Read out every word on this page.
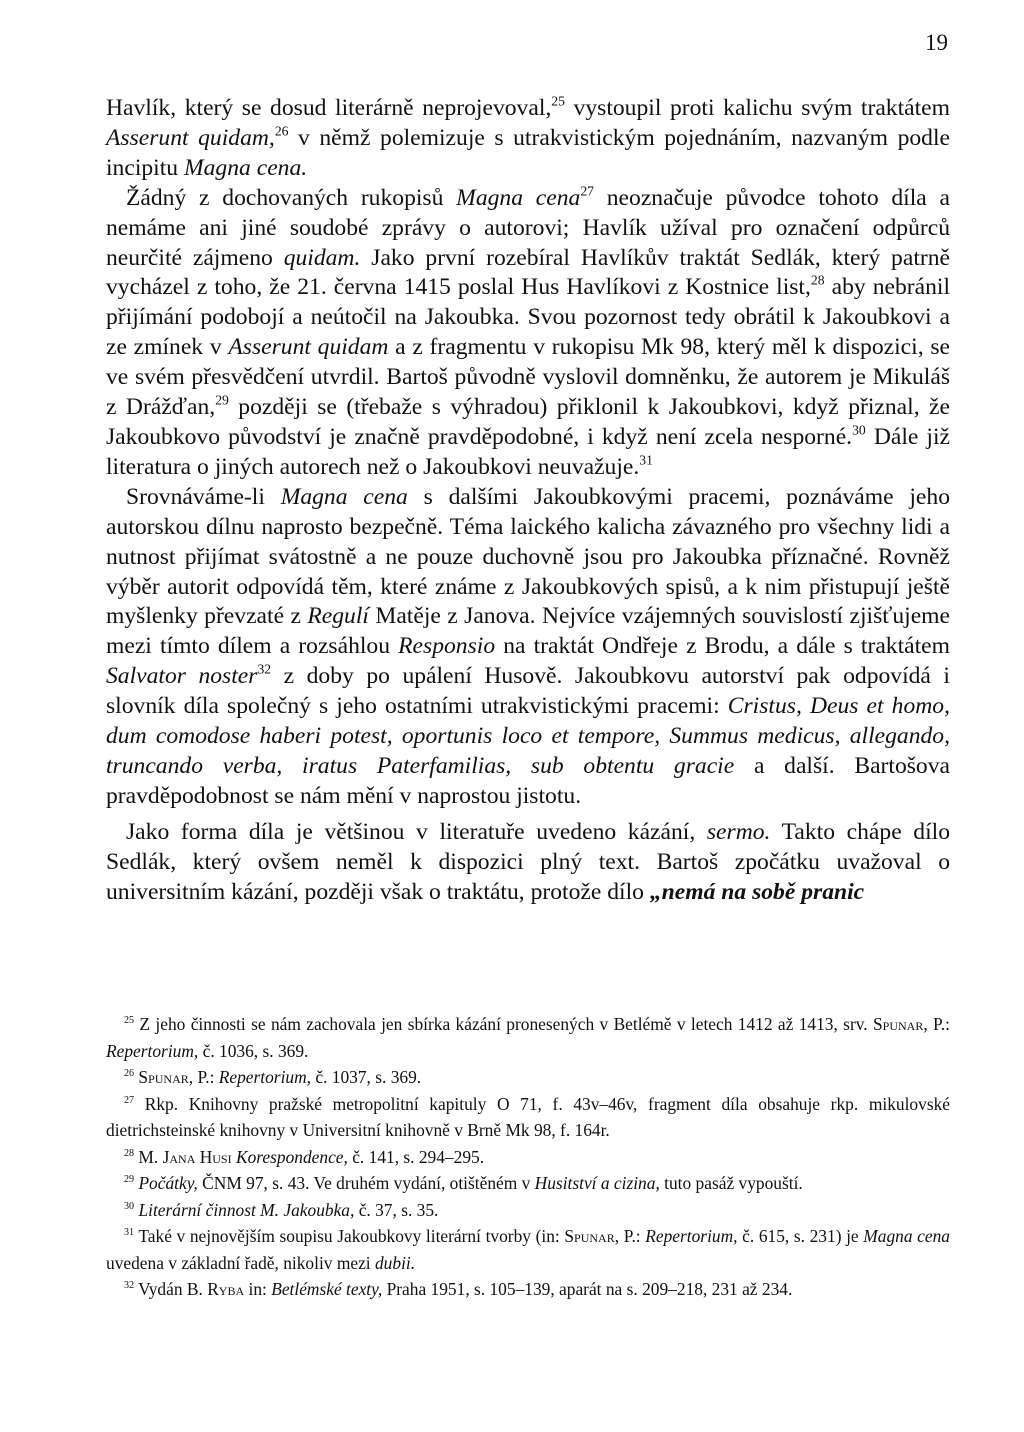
19

Havlík, který se dosud literárně neprojevoval,$^{25}$ vystoupil proti kalichu svým traktátem Asserunt quidam,$^{26}$ v němž polemizuje s utrakvistickým pojednáním, nazvaným podle incipitu Magna cena.

Žádný z dochovaných rukopisů Magna cena$^{27}$ neoznačuje původce tohoto díla a nemáme ani jiné soudobé zprávy o autorovi; Havlík užíval pro označení odpůrců neurčité zájmeno quidam. Jako první rozebíral Havlíkův traktát Sedlák, který patrně vycházel z toho, že 21. června 1415 poslal Hus Havlíkovi z Kostnice list,$^{28}$ aby nebránil přijímání podobojí a neútočil na Jakoubka. Svou pozornost tedy obrátil k Jakoubkovi a ze zmínek v Asserunt quidam a z fragmentu v rukopisu Mk 98, který měl k dispozici, se ve svém přesvědčení utvrdil. Bartoš původně vyslovil domněnku, že autorem je Mikuláš z Drážďan,$^{29}$ později se (třebaže s výhradou) přiklonil k Jakoubkovi, když přiznal, že Jakoubkovo původství je značně pravděpodobné, i když není zcela nesporné.$^{30}$ Dále již literatura o jiných autorech než o Jakoubkovi neuvažuje.$^{31}$

Srovnáváme-li Magna cena s dalšími Jakoubkovými pracemi, poznáváme jeho autorskou dílnu naprosto bezpečně. Téma laického kalicha závazného pro všechny lidi a nutnost přijímat svátostně a ne pouze duchovně jsou pro Jakoubka příznačné. Rovněž výběr autorit odpovídá těm, které známe z Jakoubkových spisů, a k nim přistupují ještě myšlenky převzaté z Regulí Matěje z Janova. Nejvíce vzájemných souvislostí zjišťujeme mezi tímto dílem a rozsáhlou Responsio na traktát Ondřeje z Brodu, a dále s traktátem Salvator noster$^{32}$ z doby po upálení Husově. Jakoubkovu autorství pak odpovídá i slovník díla společný s jeho ostatními utrakvistickými pracemi: Cristus, Deus et homo, dum comodose haberi potest, oportunis loco et tempore, Summus medicus, allegando, truncando verba, iratus Paterfamilias, sub obtentu gracie a další. Bartošova pravděpodobnost se nám mění v naprostou jistotu.

Jako forma díla je většinou v literatuře uvedeno kázání, sermo. Takto chápe dílo Sedlák, který ovšem neměl k dispozici plný text. Bartoš zpočátku uvažoval o universitním kázání, později však o traktátu, protože dílo „nemá na sobě pranic

$^{25}$ Z jeho činnosti se nám zachovala jen sbírka kázání pronesených v Betlémě v letech 1412 až 1413, srv. Spunar, P.: Repertorium, č. 1036, s. 369.

$^{26}$ Spunar, P.: Repertorium, č. 1037, s. 369.

$^{27}$ Rkp. Knihovny pražské metropolitní kapituly O 71, f. 43v–46v, fragment díla obsahuje rkp. mikulovské dietrichsteinské knihovny v Universitní knihovně v Brně Mk 98, f. 164r.

$^{28}$ M. Jana Husi Korespondence, č. 141, s. 294–295.

$^{29}$ Počátky, ČNM 97, s. 43. Ve druhém vydání, otištěném v Husitství a cizina, tuto pasáž vypouští.

$^{30}$ Literární činnost M. Jakoubka, č. 37, s. 35.

$^{31}$ Také v nejnovějším soupisu Jakoubkovy literární tvorby (in: Spunar, P.: Repertorium, č. 615, s. 231) je Magna cena uvedena v základní řadě, nikoliv mezi dubii.

$^{32}$ Vydán B. Ryba in: Betlémské texty, Praha 1951, s. 105–139, aparát na s. 209–218, 231 až 234.
